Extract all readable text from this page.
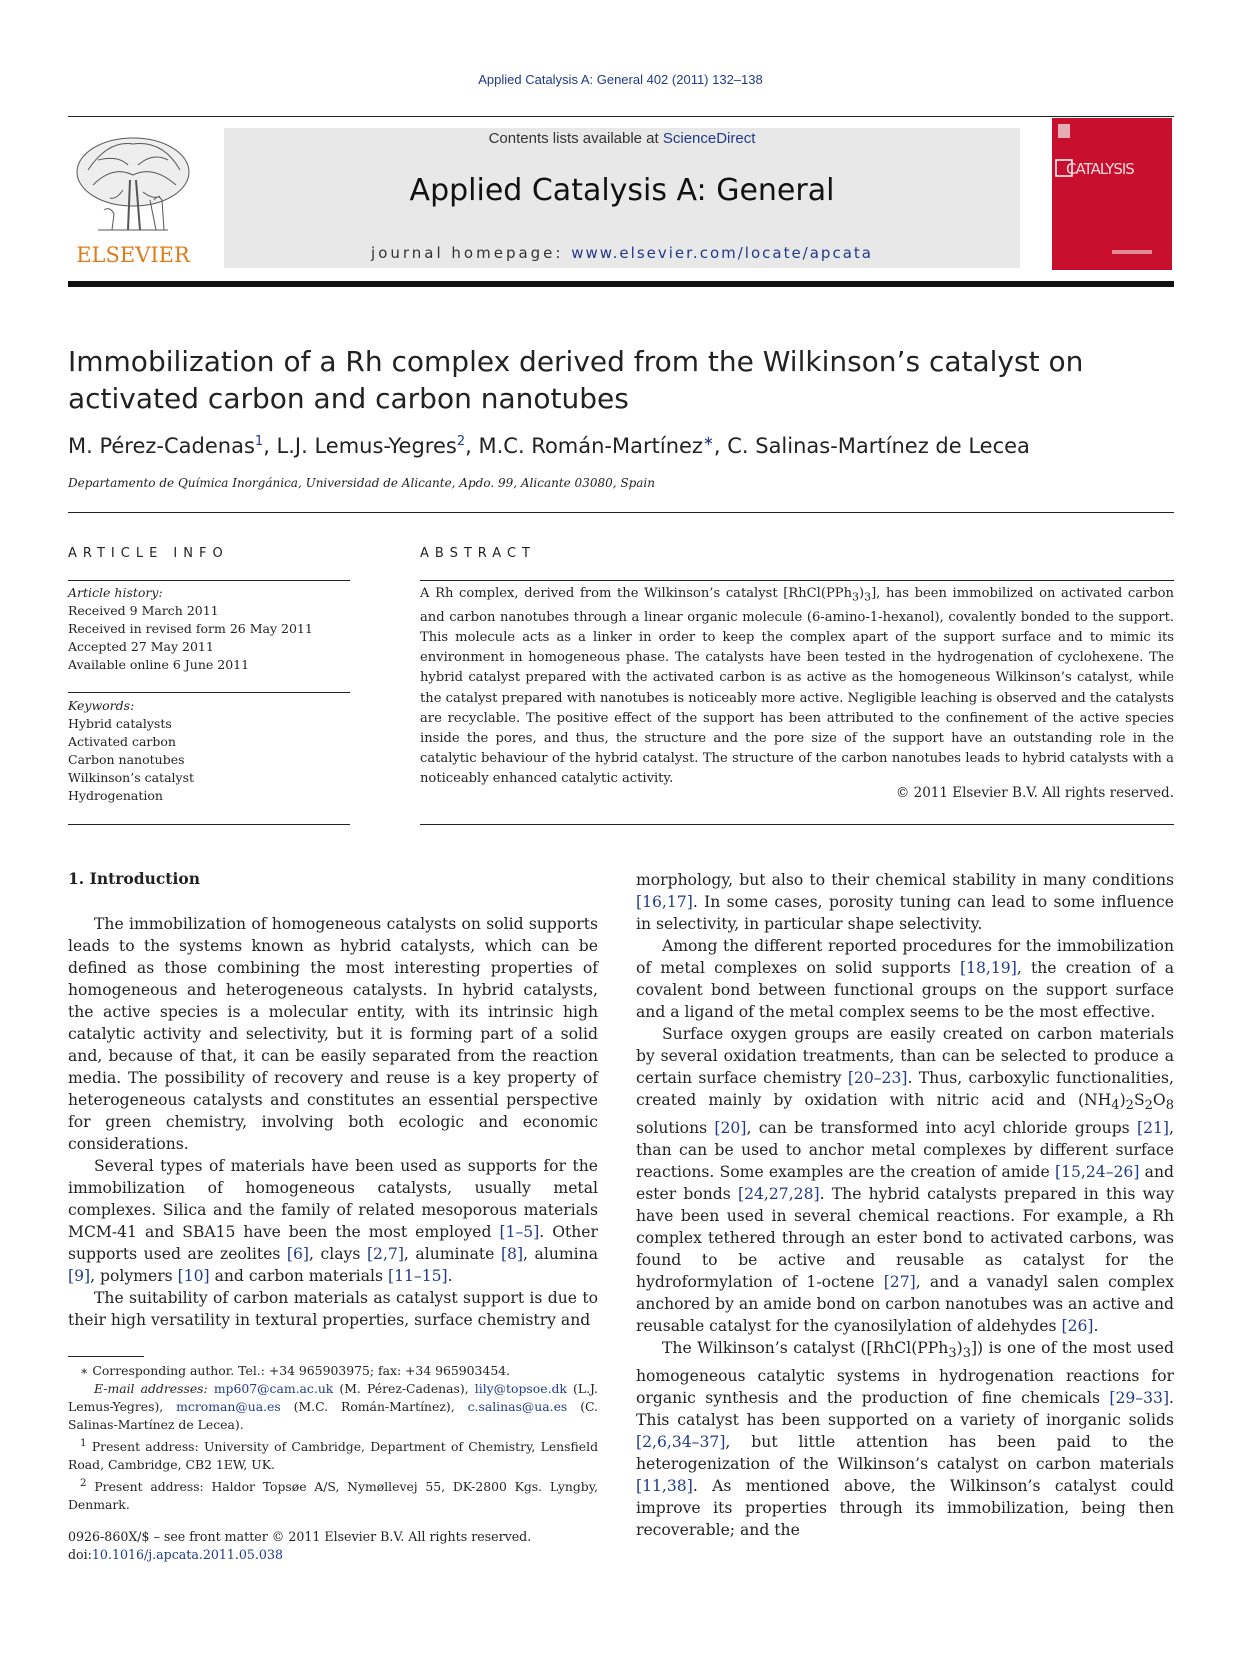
Applied Catalysis A: General 402 (2011) 132–138
ELSEVIER
Contents lists available at ScienceDirect
Applied Catalysis A: General
journal homepage: www.elsevier.com/locate/apcata
CATALYSIS
Immobilization of a Rh complex derived from the Wilkinson’s catalyst on activated carbon and carbon nanotubes
M. Pérez-Cadenas$^1$, L.J. Lemus-Yegres$^2$, M.C. Román-Martínez∗, C. Salinas-Martínez de Lecea
Departamento de Química Inorgánica, Universidad de Alicante, Apdo. 99, Alicante 03080, Spain
ARTICLE INFO
Article history:
Received 9 March 2011
Received in revised form 26 May 2011
Accepted 27 May 2011
Available online 6 June 2011
Keywords:
Hybrid catalysts
Activated carbon
Carbon nanotubes
Wilkinson’s catalyst
Hydrogenation
ABSTRACT
A Rh complex, derived from the Wilkinson’s catalyst $[RhCl(PPh_3)_3]$, has been immobilized on activated carbon and carbon nanotubes through a linear organic molecule (6-amino-1-hexanol), covalently bonded to the support. This molecule acts as a linker in order to keep the complex apart of the support surface and to mimic its environment in homogeneous phase. The catalysts have been tested in the hydrogenation of cyclohexene. The hybrid catalyst prepared with the activated carbon is as active as the homogeneous Wilkinson’s catalyst, while the catalyst prepared with nanotubes is noticeably more active. Negligible leaching is observed and the catalysts are recyclable. The positive effect of the support has been attributed to the confinement of the active species inside the pores, and thus, the structure and the pore size of the support have an outstanding role in the catalytic behaviour of the hybrid catalyst. The structure of the carbon nanotubes leads to hybrid catalysts with a noticeably enhanced catalytic activity.
© 2011 Elsevier B.V. All rights reserved.
1. Introduction

The immobilization of homogeneous catalysts on solid supports leads to the systems known as hybrid catalysts, which can be defined as those combining the most interesting properties of homogeneous and heterogeneous catalysts. In hybrid catalysts, the active species is a molecular entity, with its intrinsic high catalytic activity and selectivity, but it is forming part of a solid and, because of that, it can be easily separated from the reaction media. The possibility of recovery and reuse is a key property of heterogeneous catalysts and constitutes an essential perspective for green chemistry, involving both ecologic and economic considerations.

Several types of materials have been used as supports for the immobilization of homogeneous catalysts, usually metal complexes. Silica and the family of related mesoporous materials MCM-41 and SBA15 have been the most employed [1–5]. Other supports used are zeolites [6], clays [2,7], aluminate [8], alumina [9], polymers [10] and carbon materials [11–15].

The suitability of carbon materials as catalyst support is due to their high versatility in textural properties, surface chemistry and

morphology, but also to their chemical stability in many conditions [16,17]. In some cases, porosity tuning can lead to some influence in selectivity, in particular shape selectivity.

Among the different reported procedures for the immobilization of metal complexes on solid supports [18,19], the creation of a covalent bond between functional groups on the support surface and a ligand of the metal complex seems to be the most effective.

Surface oxygen groups are easily created on carbon materials by several oxidation treatments, than can be selected to produce a certain surface chemistry [20–23]. Thus, carboxylic functionalities, created mainly by oxidation with nitric acid and $(NH_4)_2S_2O_8$ solutions [20], can be transformed into acyl chloride groups [21], than can be used to anchor metal complexes by different surface reactions. Some examples are the creation of amide [15,24–26] and ester bonds [24,27,28]. The hybrid catalysts prepared in this way have been used in several chemical reactions. For example, a Rh complex tethered through an ester bond to activated carbons, was found to be active and reusable as catalyst for the hydroformylation of 1-octene [27], and a vanadyl salen complex anchored by an amide bond on carbon nanotubes was an active and reusable catalyst for the cyanosilylation of aldehydes [26].

The Wilkinson’s catalyst $([RhCl(PPh_3)_3])$ is one of the most used homogeneous catalytic systems in hydrogenation reactions for organic synthesis and the production of fine chemicals [29–33]. This catalyst has been supported on a variety of inorganic solids [2,6,34–37], but little attention has been paid to the heterogenization of the Wilkinson’s catalyst on carbon materials [11,38]. As mentioned above, the Wilkinson’s catalyst could improve its properties through its immobilization, being then recoverable; and the

∗ Corresponding author. Tel.: +34 965903975; fax: +34 965903454.

E-mail addresses: mp607@cam.ac.uk (M. Pérez-Cadenas), lily@topsoe.dk (L.J. Lemus-Yegres), mcroman@ua.es (M.C. Román-Martínez), c.salinas@ua.es (C. Salinas-Martínez de Lecea).

$^1$ Present address: University of Cambridge, Department of Chemistry, Lensfield Road, Cambridge, CB2 1EW, UK.

$^2$ Present address: Haldor Topsøe A/S, Nymøllevej 55, DK-2800 Kgs. Lyngby, Denmark.

0926-860X/$ – see front matter © 2011 Elsevier B.V. All rights reserved.
doi:10.1016/j.apcata.2011.05.038
